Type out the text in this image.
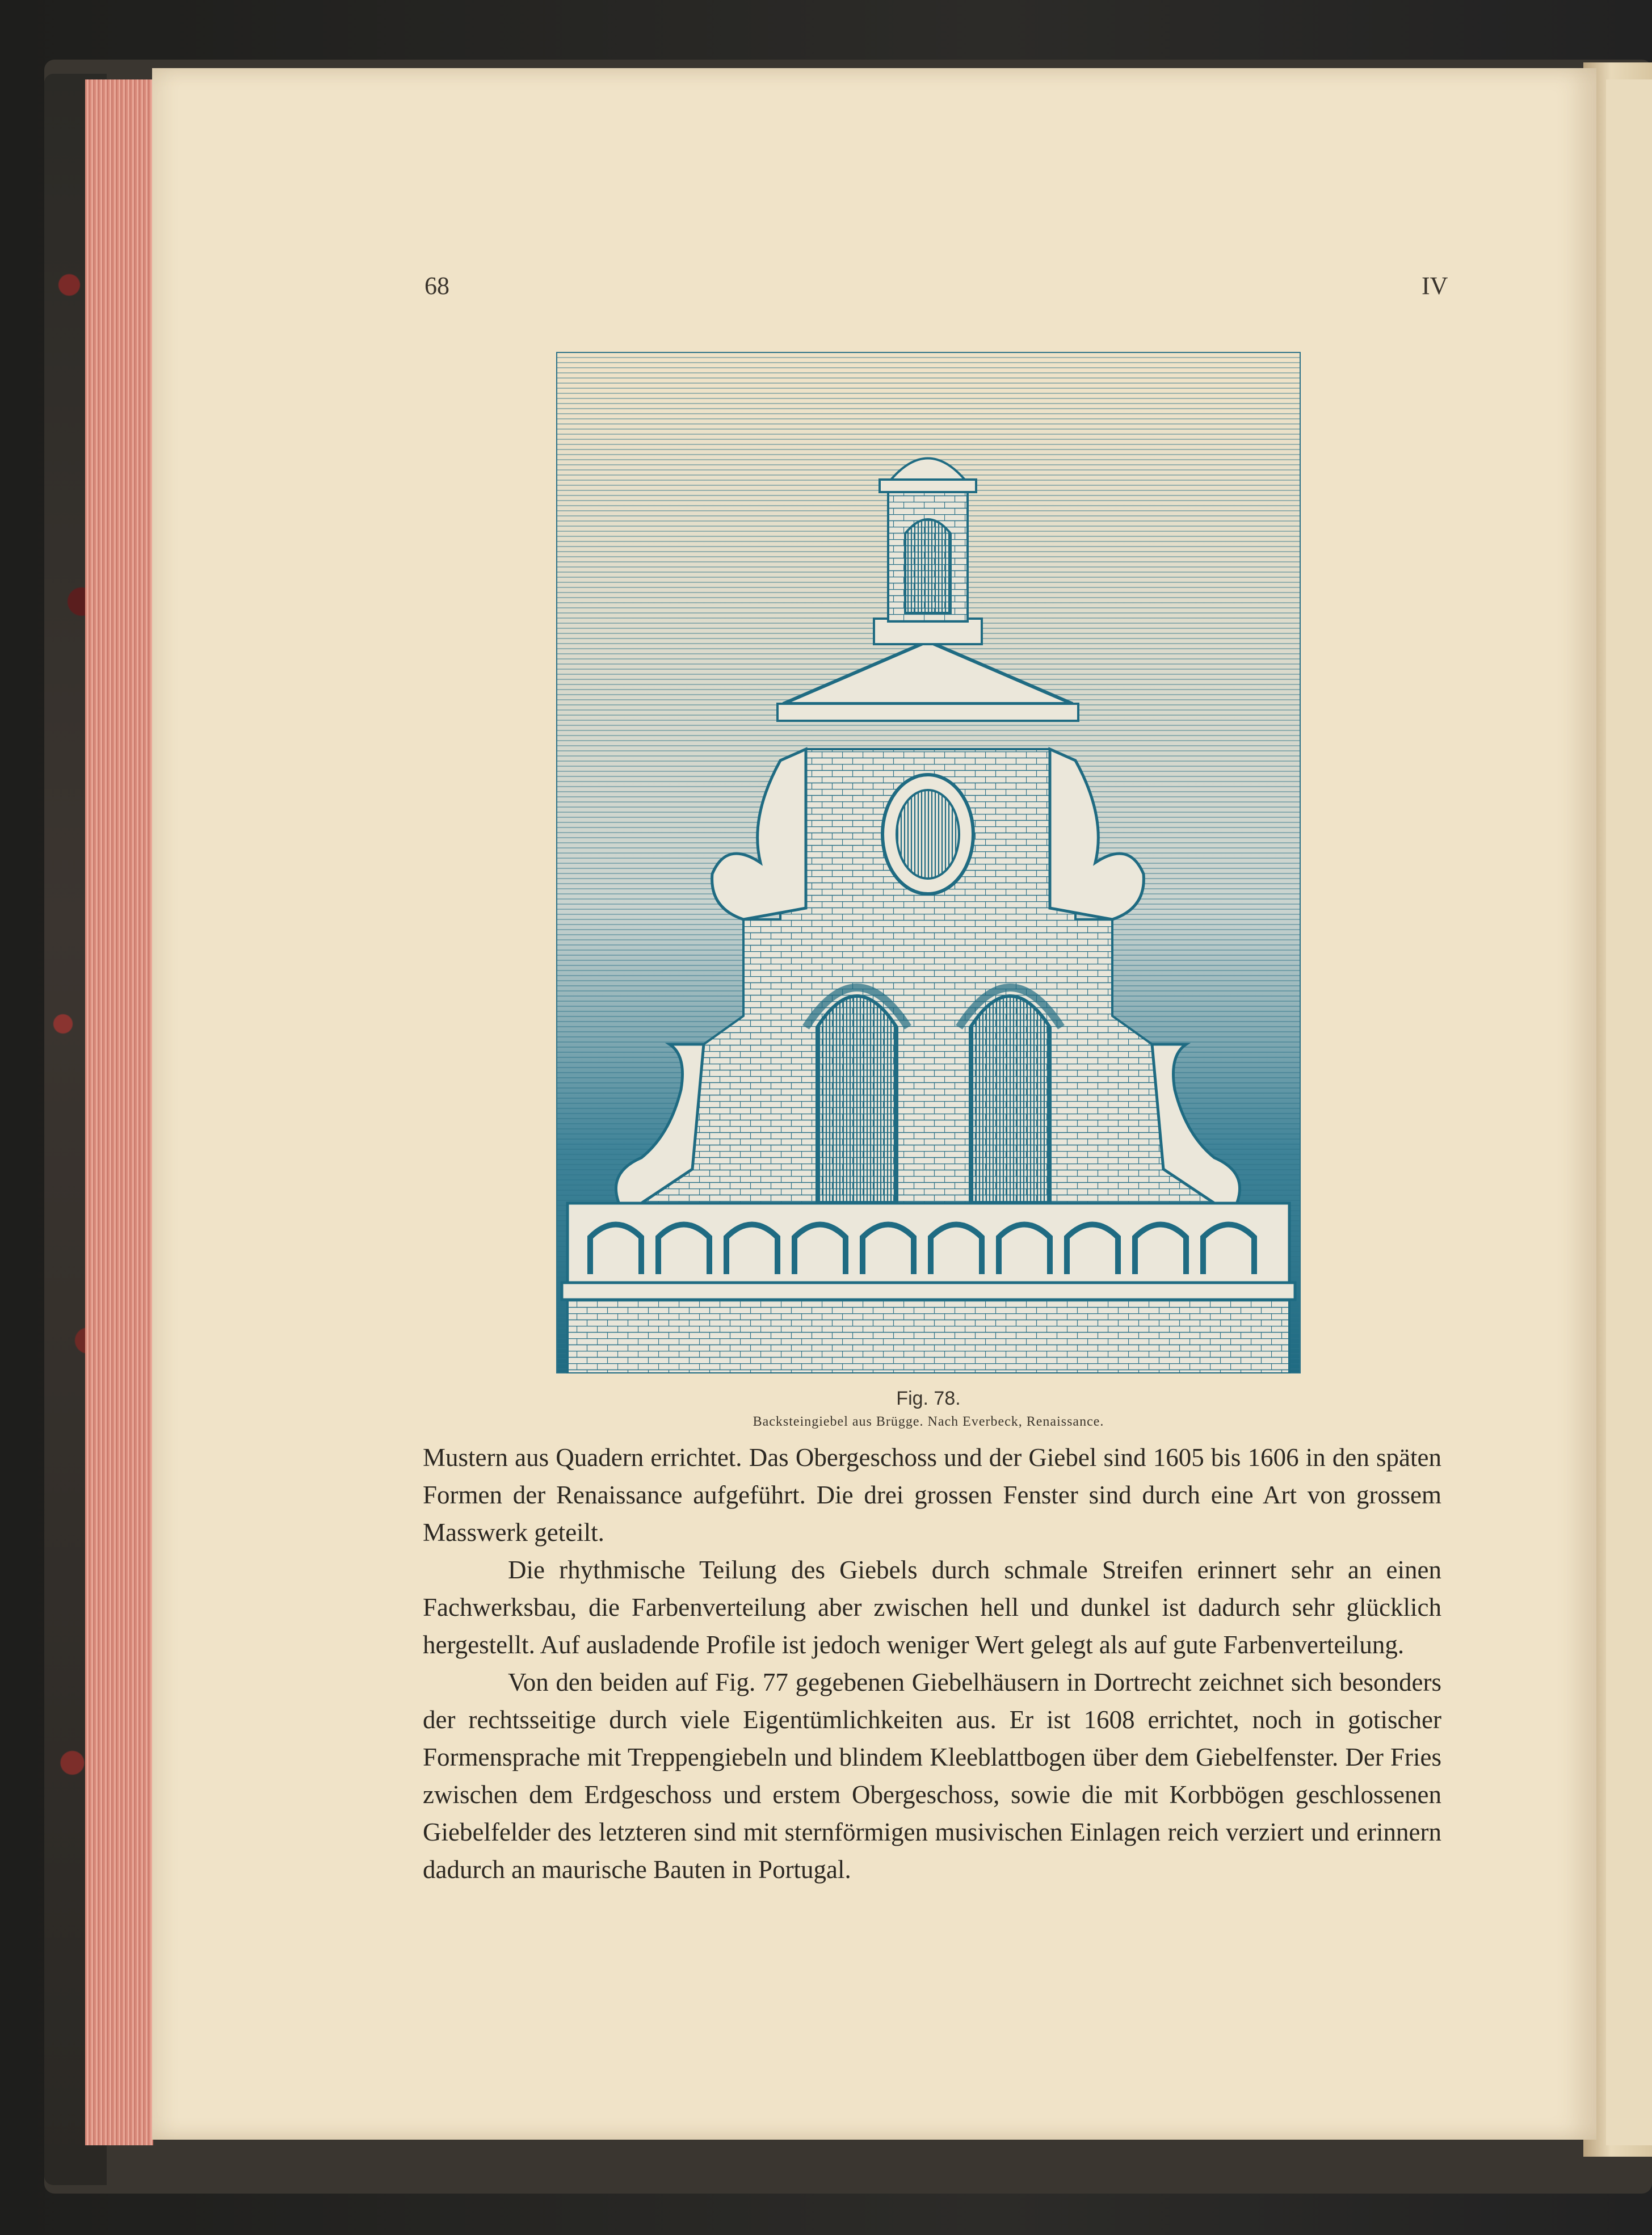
68	IV
Fig. 78.
Backsteingiebel aus Brügge. Nach Everbeck, Renaissance.

Mustern aus Quadern errichtet. Das Obergeschoss und der Giebel sind 1605 bis 1606 in den späten Formen der Renaissance aufgeführt. Die drei grossen Fenster sind durch eine Art von grossem Masswerk geteilt.

Die rhythmische Teilung des Giebels durch schmale Streifen erinnert sehr an einen Fachwerksbau, die Farbenverteilung aber zwischen hell und dunkel ist dadurch sehr glücklich hergestellt. Auf ausladende Profile ist jedoch weniger Wert gelegt als auf gute Farbenverteilung.

Von den beiden auf Fig. 77 gegebenen Giebelhäusern in Dortrecht zeichnet sich besonders der rechtsseitige durch viele Eigentümlichkeiten aus. Er ist 1608 errichtet, noch in gotischer Formensprache mit Treppengiebeln und blindem Kleeblattbogen über dem Giebelfenster. Der Fries zwischen dem Erdgeschoss und erstem Obergeschoss, sowie die mit Korbbögen geschlossenen Giebelfelder des letzteren sind mit sternförmigen musivischen Einlagen reich verziert und erinnern dadurch an maurische Bauten in Portugal.
